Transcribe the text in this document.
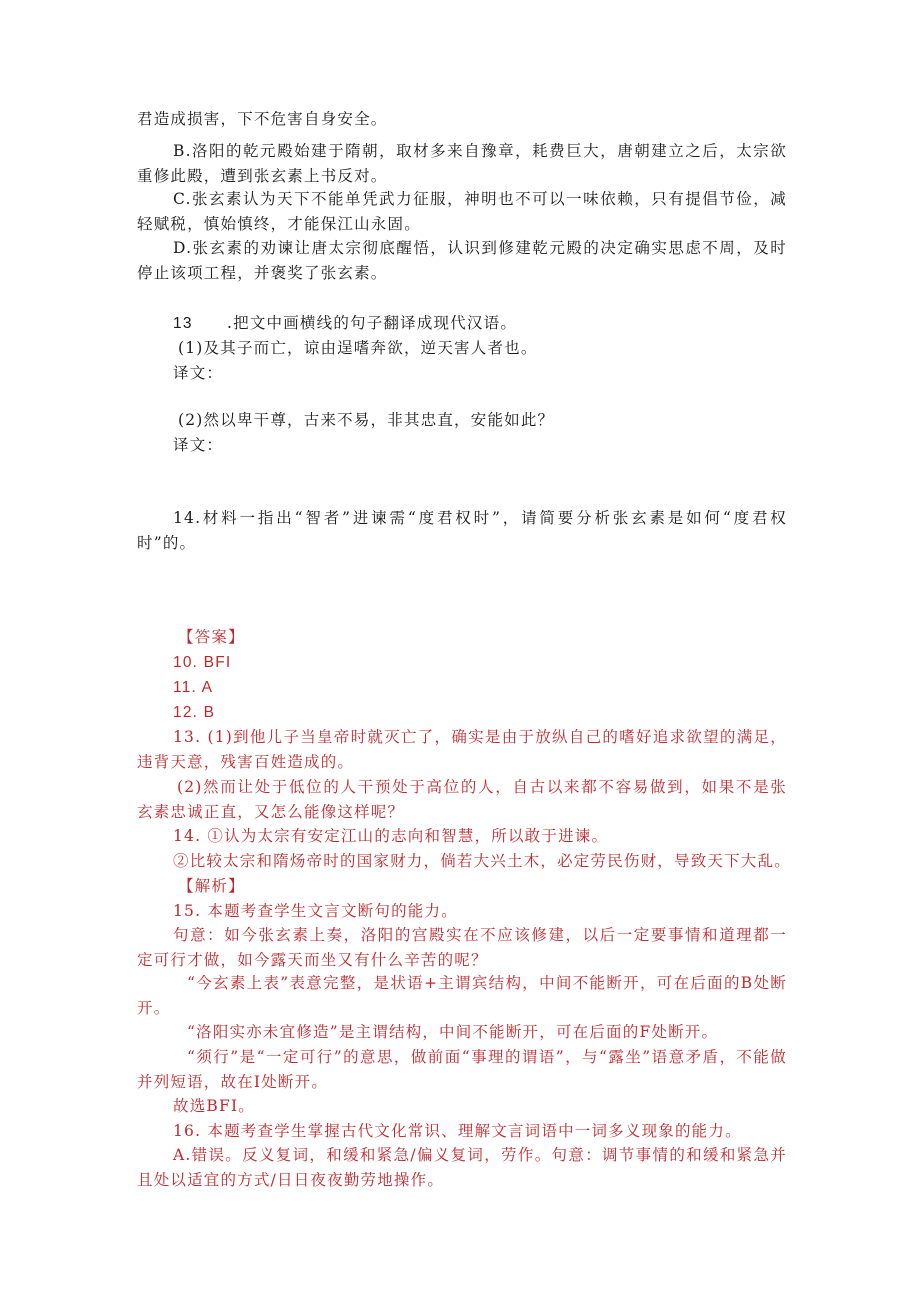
君造成损害，下不危害自身安全。
B.洛阳的乾元殿始建于隋朝，取材多来自豫章，耗费巨大，唐朝建立之后，太宗欲重修此殿，遭到张玄素上书反对。
C.张玄素认为天下不能单凭武力征服，神明也不可以一味依赖，只有提倡节俭，减轻赋税，慎始慎终，才能保江山永固。
D.张玄素的劝谏让唐太宗彻底醒悟，认识到修建乾元殿的决定确实思虑不周，及时停止该项工程，并褒奖了张玄素。
13 .把文中画横线的句子翻译成现代汉语。
(1)及其子而亡，谅由逞嗜奔欲，逆天害人者也。
译文：
(2)然以卑干尊，古来不易，非其忠直，安能如此？
译文：
14.材料一指出“智者”进谏需“度君权时”，请简要分析张玄素是如何“度君权时”的。
【答案】
10. BFI
11. A
12. B
13. (1)到他儿子当皇帝时就灭亡了，确实是由于放纵自己的嗜好追求欲望的满足，违背天意，残害百姓造成的。
(2)然而让处于低位的人干预处于高位的人，自古以来都不容易做到，如果不是张玄素忠诚正直，又怎么能像这样呢？
14. ①认为太宗有安定江山的志向和智慧，所以敢于进谏。
②比较太宗和隋炀帝时的国家财力，倘若大兴土木，必定劳民伤财，导致天下大乱。
【解析】
15. 本题考查学生文言文断句的能力。
句意：如今张玄素上奏，洛阳的宫殿实在不应该修建，以后一定要事情和道理都一定可行才做，如今露天而坐又有什么辛苦的呢？
“今玄素上表”表意完整，是状语+主谓宾结构，中间不能断开，可在后面的B处断开。
“洛阳实亦未宜修造”是主谓结构，中间不能断开，可在后面的F处断开。
“须行”是“一定可行”的意思，做前面“事理的谓语”，与“露坐”语意矛盾，不能做并列短语，故在I处断开。
故选BFI。
16. 本题考查学生掌握古代文化常识、理解文言词语中一词多义现象的能力。
A.错误。反义复词，和缓和紧急/偏义复词，劳作。句意：调节事情的和缓和紧急并且处以适宜的方式/日日夜夜勤劳地操作。
